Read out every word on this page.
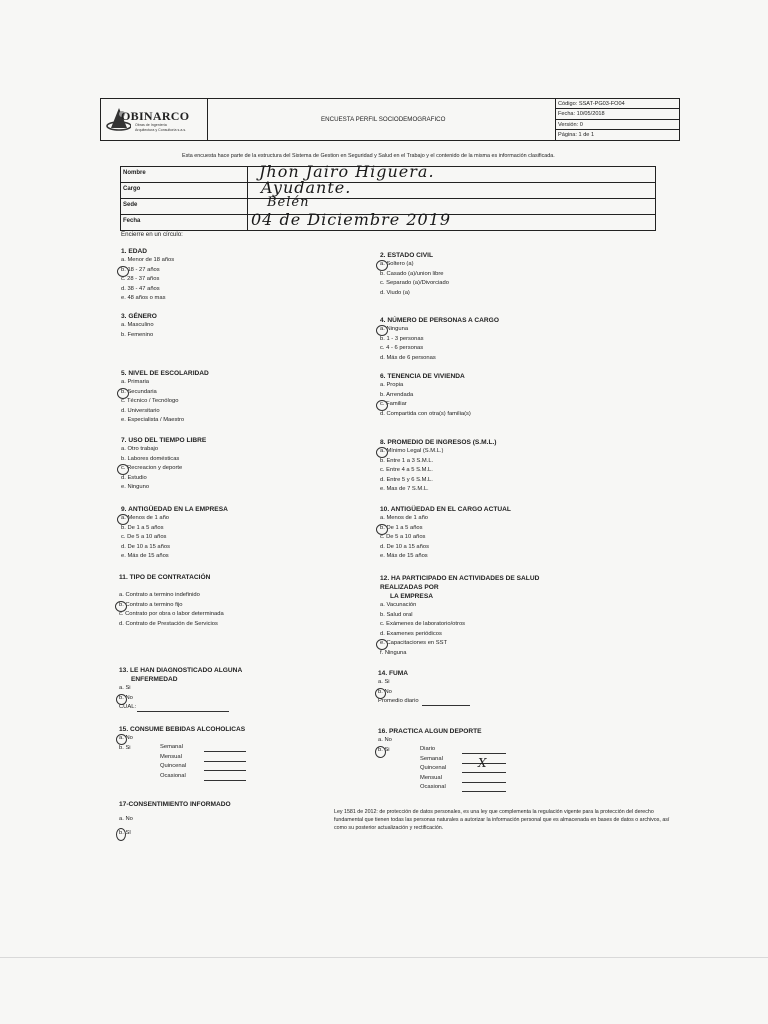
OBINARCO
Obras de Ingeniería
Arquitectura y Consultoría s.a.s.
ENCUESTA PERFIL SOCIODEMOGRAFICO
Código: SSAT-PG03-FO04
Fecha: 10/05/2018
Versión: 0
Página: 1 de 1
Esta encuesta hace parte de la estructura del Sistema de Gestion en Seguridad y Salud en el Trabajo y el contenido de la misma es información clasificada.
Nombre	Jhon Jairo Higuera.
Cargo	Ayudante.
Sede	Belén
Fecha	04 de Diciembre 2019
Encierre en un círculo:
1. EDAD
a. Menor de 18 años
b. 18 - 27 años
c. 28 - 37 años
d. 38 - 47 años
e. 48 años o mas
3. GÉNERO
a. Masculino
b. Femenino
5. NIVEL DE ESCOLARIDAD
a. Primaria
b. Secundaria
c. Técnico / Tecnólogo
d. Universitario
e. Especialista / Maestro
7. USO DEL TIEMPO LIBRE
a. Otro trabajo
b. Labores domésticas
c. Recreacion y deporte
d. Estudio
e. Ninguno
9. ANTIGÜEDAD EN LA EMPRESA
a. Menos de 1 año
b. De 1 a 5 años
c. De 5 a 10 años
d. De 10 a 15 años
e. Más de 15 años
11. TIPO DE CONTRATACIÓN
a. Contrato a termino indefinido
b. Contrato a termino fijo
c. Contrato por obra o labor determinada
d. Contrato de Prestación de Servicios
13. LE HAN DIAGNOSTICADO ALGUNA
ENFERMEDAD
a. Si
b. No
CUAL:
15. CONSUME BEBIDAS ALCOHOLICAS
a. No
b. Si	Semanal
Mensual
Quincenal
Ocasional
17-CONSENTIMIENTO INFORMADO
a. No
b. SI
2. ESTADO CIVIL
a. Soltero (a)
b. Casado (a)/union libre
c. Separado (a)/Divorciado
d. Viudo (a)
4. NÚMERO DE PERSONAS A CARGO
a. Ninguna
b. 1 - 3 personas
c. 4 - 6 personas
d. Más de 6 personas
6. TENENCIA DE VIVIENDA
a. Propia
b. Arrendada
c. Familiar
d. Compartida con otra(s) familia(s)
8. PROMEDIO DE INGRESOS (S.M.L.)
a. Mínimo Legal (S.M.L.)
b. Entre 1 a 3 S.M.L.
c. Entre 4 a 5 S.M.L.
d. Entre 5 y 6 S.M.L.
e. Mas de 7 S.M.L.
10. ANTIGÜEDAD EN EL CARGO ACTUAL
a. Menos de 1 año
b. De 1 a 5 años
c. De 5 a 10 años
d. De 10 a 15 años
e. Más de 15 años
12. HA PARTICIPADO EN ACTIVIDADES DE SALUD
REALIZADAS POR
LA EMPRESA
a. Vacunación
b. Salud oral
c. Exámenes de laboratorio/otros
d. Examenes periódicos
e. Capacitaciones en SST
f. Ninguna
14. FUMA
a. Si
b. No
Promedio diario
16. PRACTICA ALGUN DEPORTE
a. No
b. Si	Diario
Semanal
Quincenal	X
Mensual
Ocasional
Ley 1581 de 2012: de protección de datos personales, es una ley que complementa la regulación vigente para la protección del derecho fundamental que tienen todas las personas naturales a autorizar la información personal que es almacenada en bases de datos o archivos, así como su posterior actualización y rectificación.
